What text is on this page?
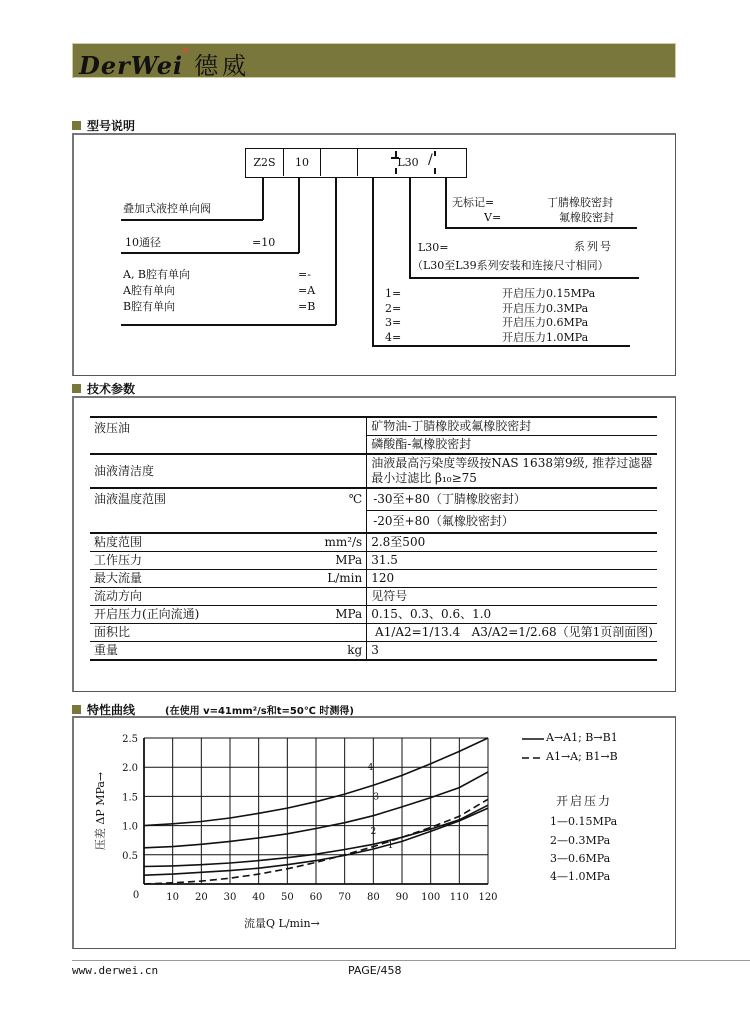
DerWei 德威
型号说明
Z2S	10	L30 /
叠加式液控单向阀
10通径	=10
A, B腔有单向	=-
A腔有单向	=A
B腔有单向	=B
无标记=	丁腈橡胶密封
V=	氟橡胶密封
L30=	系列号
（L30至L39系列安装和连接尺寸相同）
1=	开启压力0.15MPa
2=	开启压力0.3MPa
3=	开启压力0.6MPa
4=	开启压力1.0MPa
技术参数
液压油		矿物油-丁腈橡胶或氟橡胶密封
		磷酸酯-氟橡胶密封
油液清洁度		油液最高污染度等级按NAS 1638第9级, 推荐过滤器
最小过滤比 β₁₀≥75

油液温度范围	℃	-30至+80（丁腈橡胶密封）
		-20至+80（氟橡胶密封）
粘度范围	mm²/s	2.8至500
工作压力	MPa	31.5
最大流量	L/min	120
流动方向		见符号
开启压力(正向流通)	MPa	0.15、0.3、0.6、1.0
面积比		A1/A2=1/13.4   A3/A2=1/2.68（见第1页剖面图)
重量	kg	3
特性曲线	(在使用 v=41mm²/s和t=50℃ 时测得)
10 20 30 40 50 60 70 80 90 100 110 120
0.5
1.0
1.5
2.0
2.5
0
流量Q L/min→
压差 ΔP MPa→	1
2
3
4
A→A1; B→B1
A1→A; B1→B
开启压力
1—0.15MPa
2—0.3MPa
3—0.6MPa
4—1.0MPa
www.derwei.cn	PAGE/458
